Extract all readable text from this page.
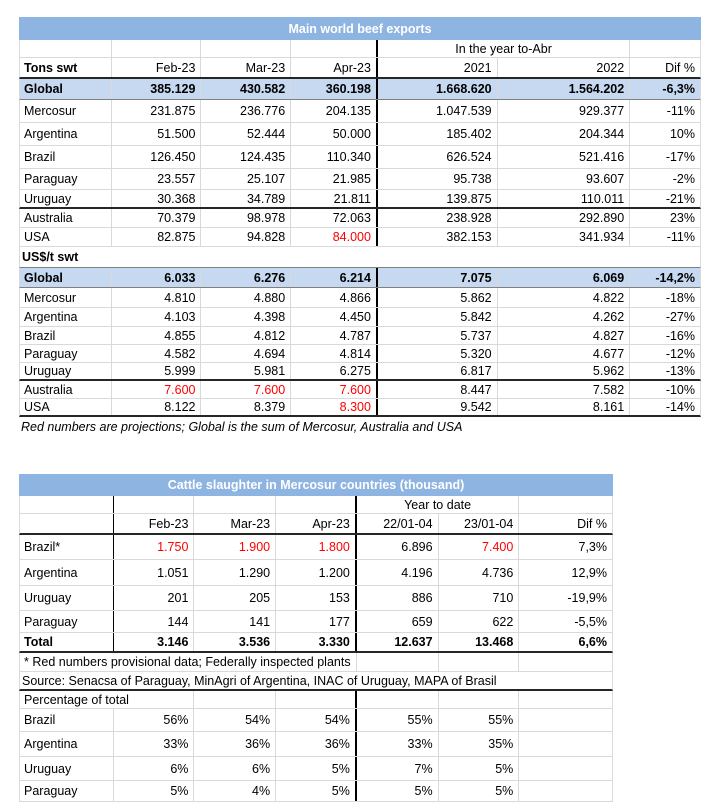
Main world beef exports
In the year to-Abr
Tons swt	Feb-23	Mar-23	Apr-23	2021	2022	Dif %
Global	385.129	430.582	360.198	1.668.620	1.564.202	-6,3%
Mercosur	231.875	236.776	204.135	1.047.539	929.377	-11%
Argentina	51.500	52.444	50.000	185.402	204.344	10%
Brazil	126.450	124.435	110.340	626.524	521.416	-17%
Paraguay	23.557	25.107	21.985	95.738	93.607	-2%
Uruguay	30.368	34.789	21.811	139.875	110.011	-21%
Australia	70.379	98.978	72.063	238.928	292.890	23%
USA	82.875	94.828	84.000	382.153	341.934	-11%
US$/t swt
Global	6.033	6.276	6.214	7.075	6.069	-14,2%
Mercosur	4.810	4.880	4.866	5.862	4.822	-18%
Argentina	4.103	4.398	4.450	5.842	4.262	-27%
Brazil	4.855	4.812	4.787	5.737	4.827	-16%
Paraguay	4.582	4.694	4.814	5.320	4.677	-12%
Uruguay	5.999	5.981	6.275	6.817	5.962	-13%
Australia	7.600	7.600	7.600	8.447	7.582	-10%
USA	8.122	8.379	8.300	9.542	8.161	-14%
Red numbers are projections; Global is the sum of Mercosur, Australia and USA
Cattle slaughter in Mercosur countries (thousand)
Year to date
Feb-23	Mar-23	Apr-23	22/01-04	23/01-04	Dif %
Brazil*	1.750	1.900	1.800	6.896	7.400	7,3%
Argentina	1.051	1.290	1.200	4.196	4.736	12,9%
Uruguay	201	205	153	886	710	-19,9%
Paraguay	144	141	177	659	622	-5,5%
Total	3.146	3.536	3.330	12.637	13.468	6,6%
* Red numbers provisional data; Federally inspected plants
Source: Senacsa of Paraguay, MinAgri of Argentina, INAC of Uruguay, MAPA of Brasil
Percentage of total
Brazil	56%	54%	54%	55%	55%
Argentina	33%	36%	36%	33%	35%
Uruguay	6%	6%	5%	7%	5%
Paraguay	5%	4%	5%	5%	5%
